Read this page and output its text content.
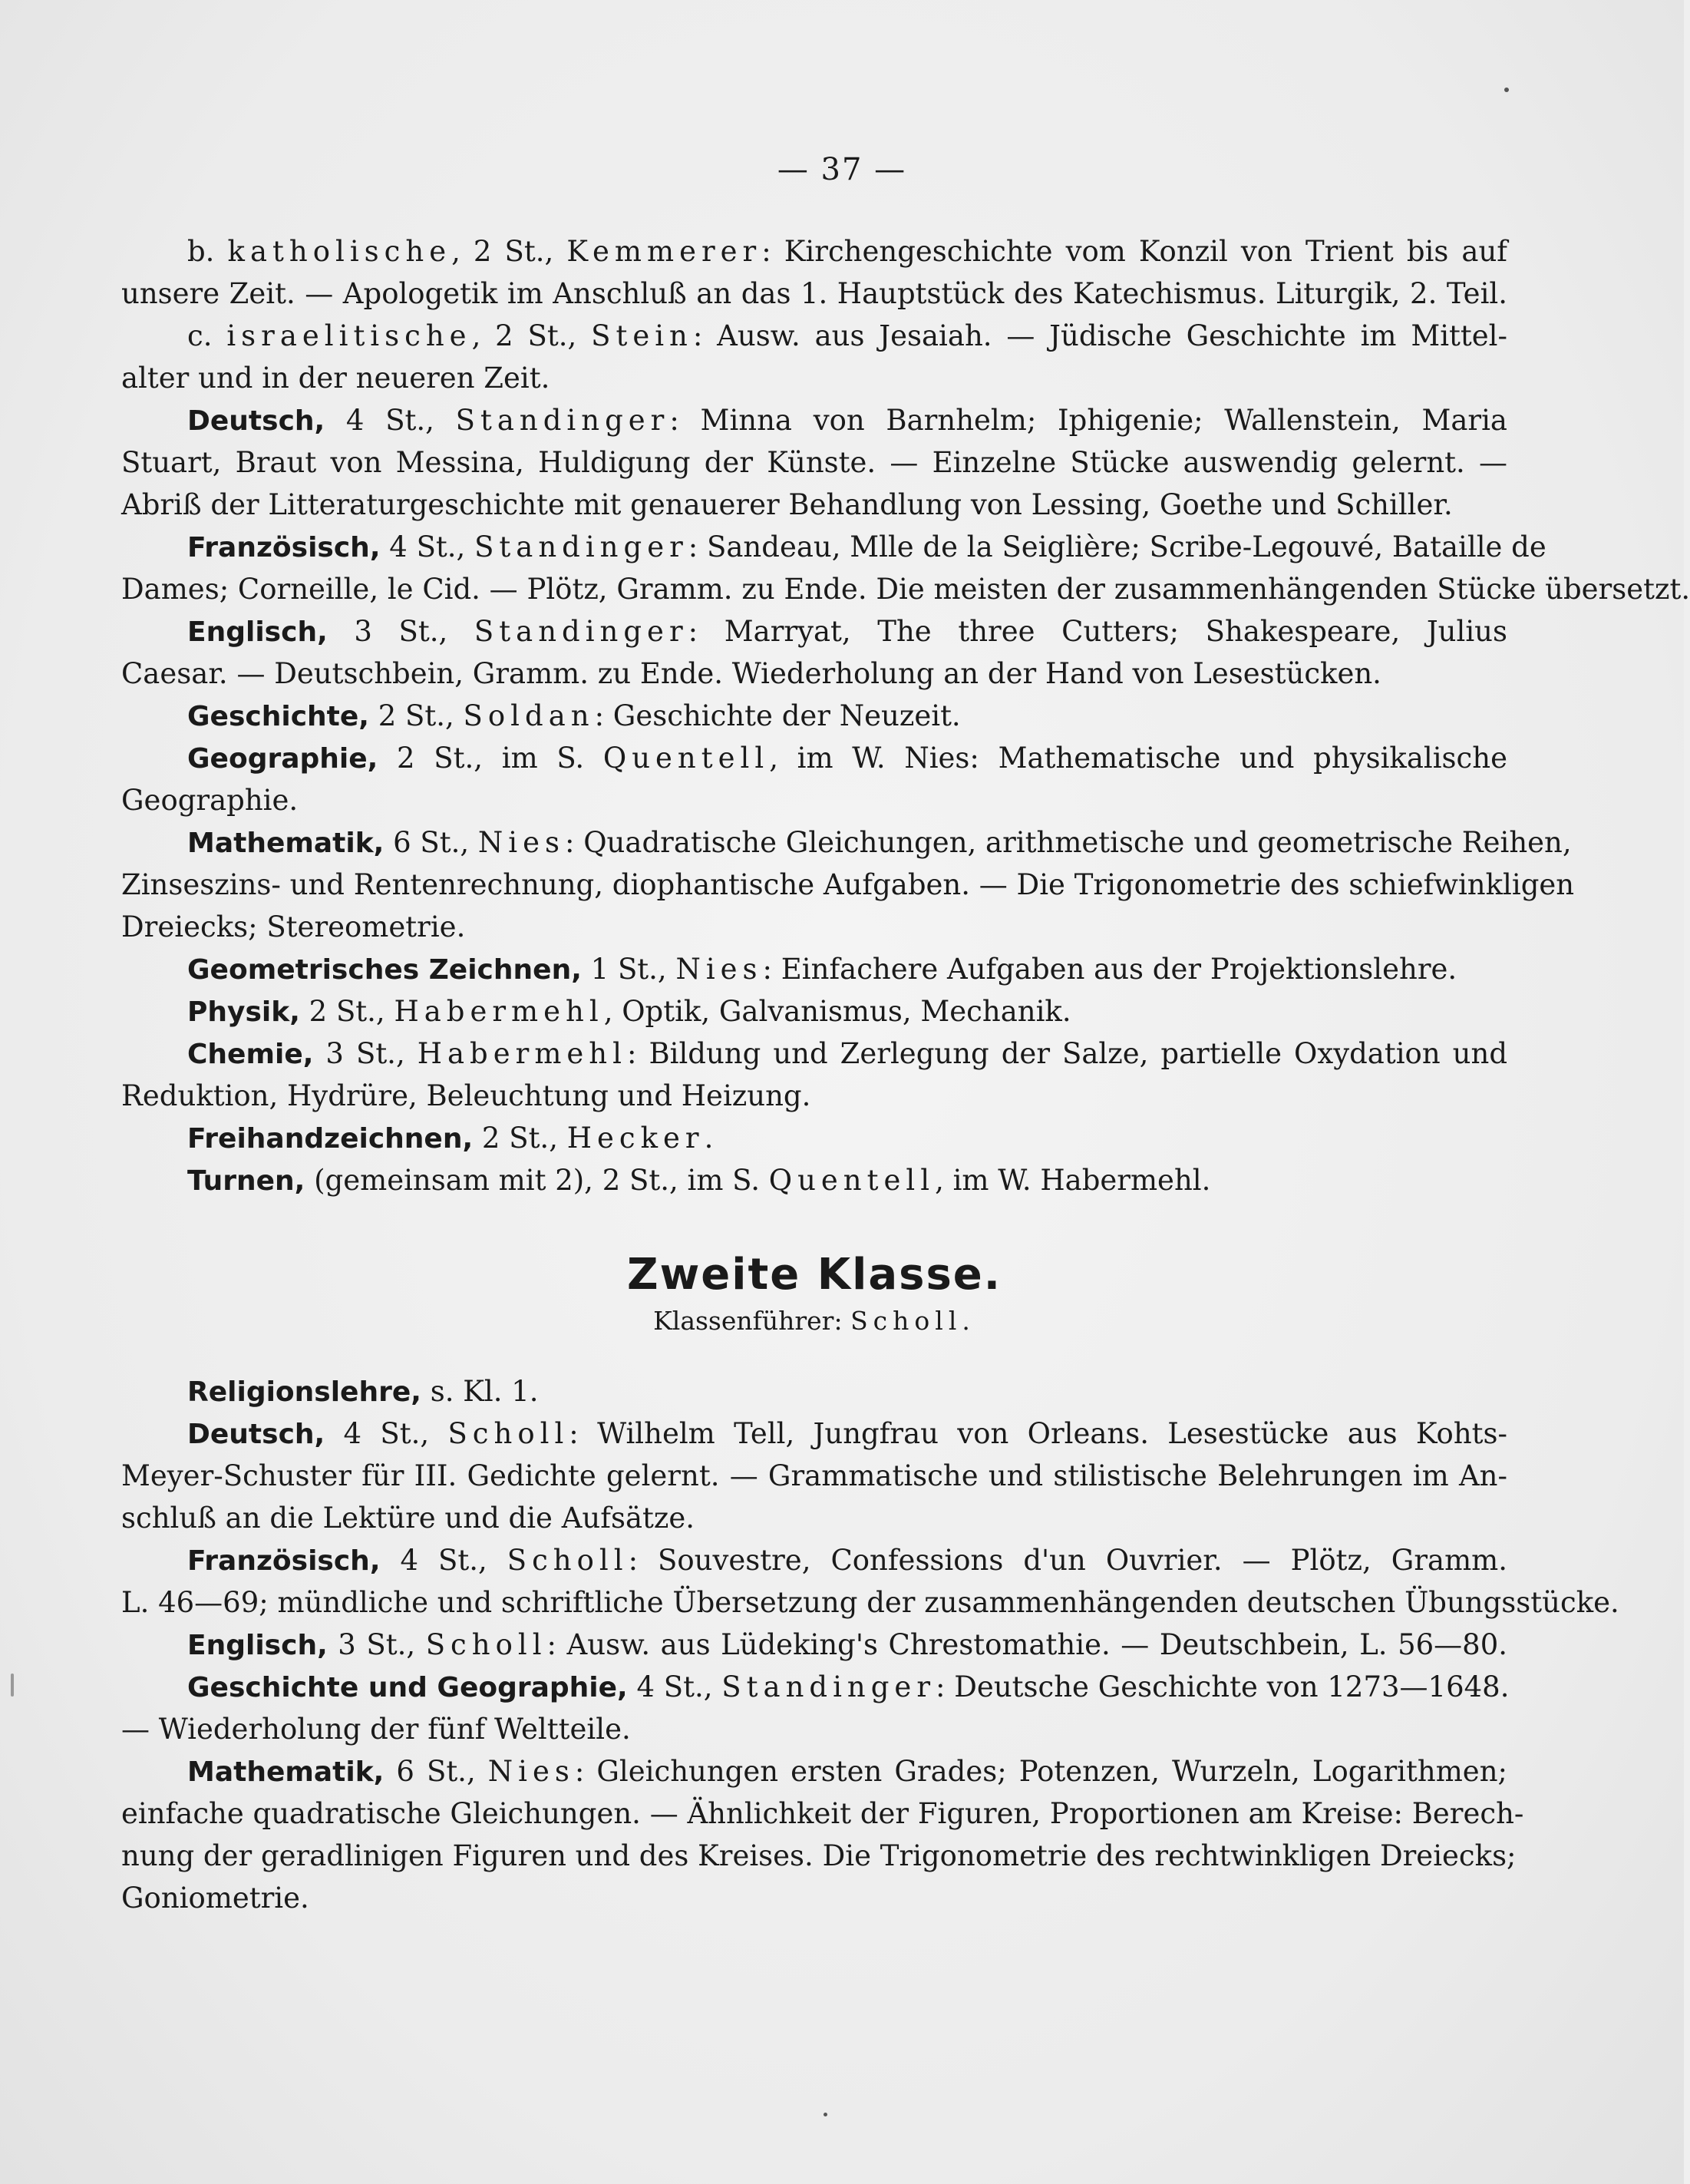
— 37 —
b. katholische, 2 St., Kemmerer: Kirchengeschichte vom Konzil von Trient bis auf
unsere Zeit. — Apologetik im Anschluß an das 1. Hauptstück des Katechismus. Liturgik, 2. Teil.
c. israelitische, 2 St., Stein: Ausw. aus Jesaiah. — Jüdische Geschichte im Mittel-
alter und in der neueren Zeit.
Deutsch, 4 St., Standinger: Minna von Barnhelm; Iphigenie; Wallenstein, Maria
Stuart, Braut von Messina, Huldigung der Künste. — Einzelne Stücke auswendig gelernt. —
Abriß der Litteraturgeschichte mit genauerer Behandlung von Lessing, Goethe und Schiller.
Französisch, 4 St., Standinger: Sandeau, Mlle de la Seiglière; Scribe-Legouvé, Bataille de
Dames; Corneille, le Cid. — Plötz, Gramm. zu Ende. Die meisten der zusammenhängenden Stücke übersetzt.
Englisch, 3 St., Standinger: Marryat, The three Cutters; Shakespeare, Julius
Caesar. — Deutschbein, Gramm. zu Ende. Wiederholung an der Hand von Lesestücken.
Geschichte, 2 St., Soldan: Geschichte der Neuzeit.
Geographie, 2 St., im S. Quentell, im W. Nies: Mathematische und physikalische
Geographie.
Mathematik, 6 St., Nies: Quadratische Gleichungen, arithmetische und geometrische Reihen,
Zinseszins- und Rentenrechnung, diophantische Aufgaben. — Die Trigonometrie des schiefwinkligen
Dreiecks; Stereometrie.
Geometrisches Zeichnen, 1 St., Nies: Einfachere Aufgaben aus der Projektionslehre.
Physik, 2 St., Habermehl, Optik, Galvanismus, Mechanik.
Chemie, 3 St., Habermehl: Bildung und Zerlegung der Salze, partielle Oxydation und
Reduktion, Hydrüre, Beleuchtung und Heizung.
Freihandzeichnen, 2 St., Hecker.
Turnen, (gemeinsam mit 2), 2 St., im S. Quentell, im W. Habermehl.
Zweite Klasse.
Klassenführer: Scholl.
Religionslehre, s. Kl. 1.
Deutsch, 4 St., Scholl: Wilhelm Tell, Jungfrau von Orleans. Lesestücke aus Kohts-
Meyer-Schuster für III. Gedichte gelernt. — Grammatische und stilistische Belehrungen im An-
schluß an die Lektüre und die Aufsätze.
Französisch, 4 St., Scholl: Souvestre, Confessions d'un Ouvrier. — Plötz, Gramm.
L. 46—69; mündliche und schriftliche Übersetzung der zusammenhängenden deutschen Übungsstücke.
Englisch, 3 St., Scholl: Ausw. aus Lüdeking's Chrestomathie. — Deutschbein, L. 56—80.
Geschichte und Geographie, 4 St., Standinger: Deutsche Geschichte von 1273—1648.
— Wiederholung der fünf Weltteile.
Mathematik, 6 St., Nies: Gleichungen ersten Grades; Potenzen, Wurzeln, Logarithmen;
einfache quadratische Gleichungen. — Ähnlichkeit der Figuren, Proportionen am Kreise: Berech-
nung der geradlinigen Figuren und des Kreises. Die Trigonometrie des rechtwinkligen Dreiecks;
Goniometrie.
